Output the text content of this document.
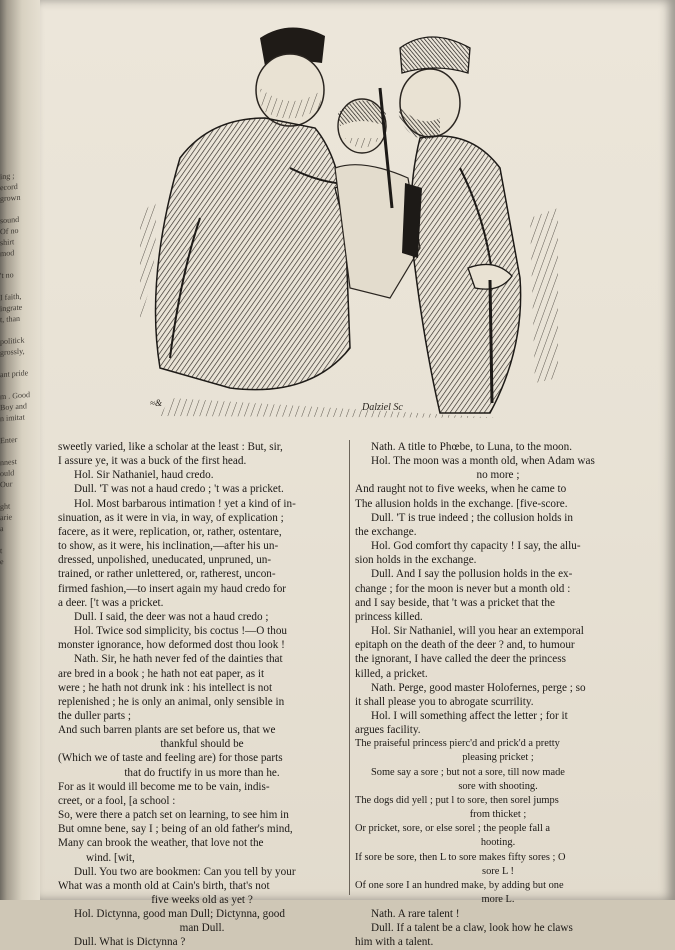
ing ;
ecord
grown

sound
Of no
shirt
mod

't no

I faith,
ingrate
t, than

politick
grossly,

ant pride

m . Good
Boy and
n imitat

Enter

nnest
ould
Our

ght
arie
a

t
e
≈&	Dalziel Sc
sweetly varied, like a scholar at the least : But, sir,
I assure ye, it was a buck of the first head.
Hol. Sir Nathaniel, haud credo.
Dull. 'T was not a haud credo ; 't was a pricket.
Hol. Most barbarous intimation ! yet a kind of in-
sinuation, as it were in via, in way, of explication ;
facere, as it were, replication, or, rather, ostentare,
to show, as it were, his inclination,—after his un-
dressed, unpolished, uneducated, unpruned, un-
trained, or rather unlettered, or, ratherest, uncon-
firmed fashion,—to insert again my haud credo for
a deer. ['t was a pricket.
Dull. I said, the deer was not a haud credo ;
Hol. Twice sod simplicity, bis coctus !—O thou
monster ignorance, how deformed dost thou look !
Nath. Sir, he hath never fed of the dainties that
are bred in a book ; he hath not eat paper, as it
were ; he hath not drunk ink : his intellect is not
replenished ; he is only an animal, only sensible in
the duller parts ;
And such barren plants are set before us, that we
thankful should be
(Which we of taste and feeling are) for those parts
that do fructify in us more than he.
For as it would ill become me to be vain, indis-
creet, or a fool, [a school :
So, were there a patch set on learning, to see him in
But omne bene, say I ; being of an old father's mind,
Many can brook the weather, that love not the
wind. [wit,
Dull. You two are bookmen: Can you tell by your
What was a month old at Cain's birth, that's not
five weeks old as yet ?
Hol. Dictynna, good man Dull; Dictynna, good
man Dull.
Dull. What is Dictynna ?
Nath. A title to Phœbe, to Luna, to the moon.
Hol. The moon was a month old, when Adam was
no more ;
And raught not to five weeks, when he came to
The allusion holds in the exchange. [five-score.
Dull. 'T is true indeed ; the collusion holds in
the exchange.
Hol. God comfort thy capacity ! I say, the allu-
sion holds in the exchange.
Dull. And I say the pollusion holds in the ex-
change ; for the moon is never but a month old :
and I say beside, that 't was a pricket that the
princess killed.
Hol. Sir Nathaniel, will you hear an extemporal
epitaph on the death of the deer ? and, to humour
the ignorant, I have called the deer the princess
killed, a pricket.
Nath. Perge, good master Holofernes, perge ; so
it shall please you to abrogate scurrility.
Hol. I will something affect the letter ; for it
argues facility.
The praiseful princess pierc'd and prick'd a pretty
pleasing pricket ;
Some say a sore ; but not a sore, till now made
sore with shooting.
The dogs did yell ; put l to sore, then sorel jumps
from thicket ;
Or pricket, sore, or else sorel ; the people fall a
hooting.
If sore be sore, then L to sore makes fifty sores ; O
sore L !
Of one sore I an hundred make, by adding but one
more L.
Nath. A rare talent !
Dull. If a talent be a claw, look how he claws
him with a talent.
